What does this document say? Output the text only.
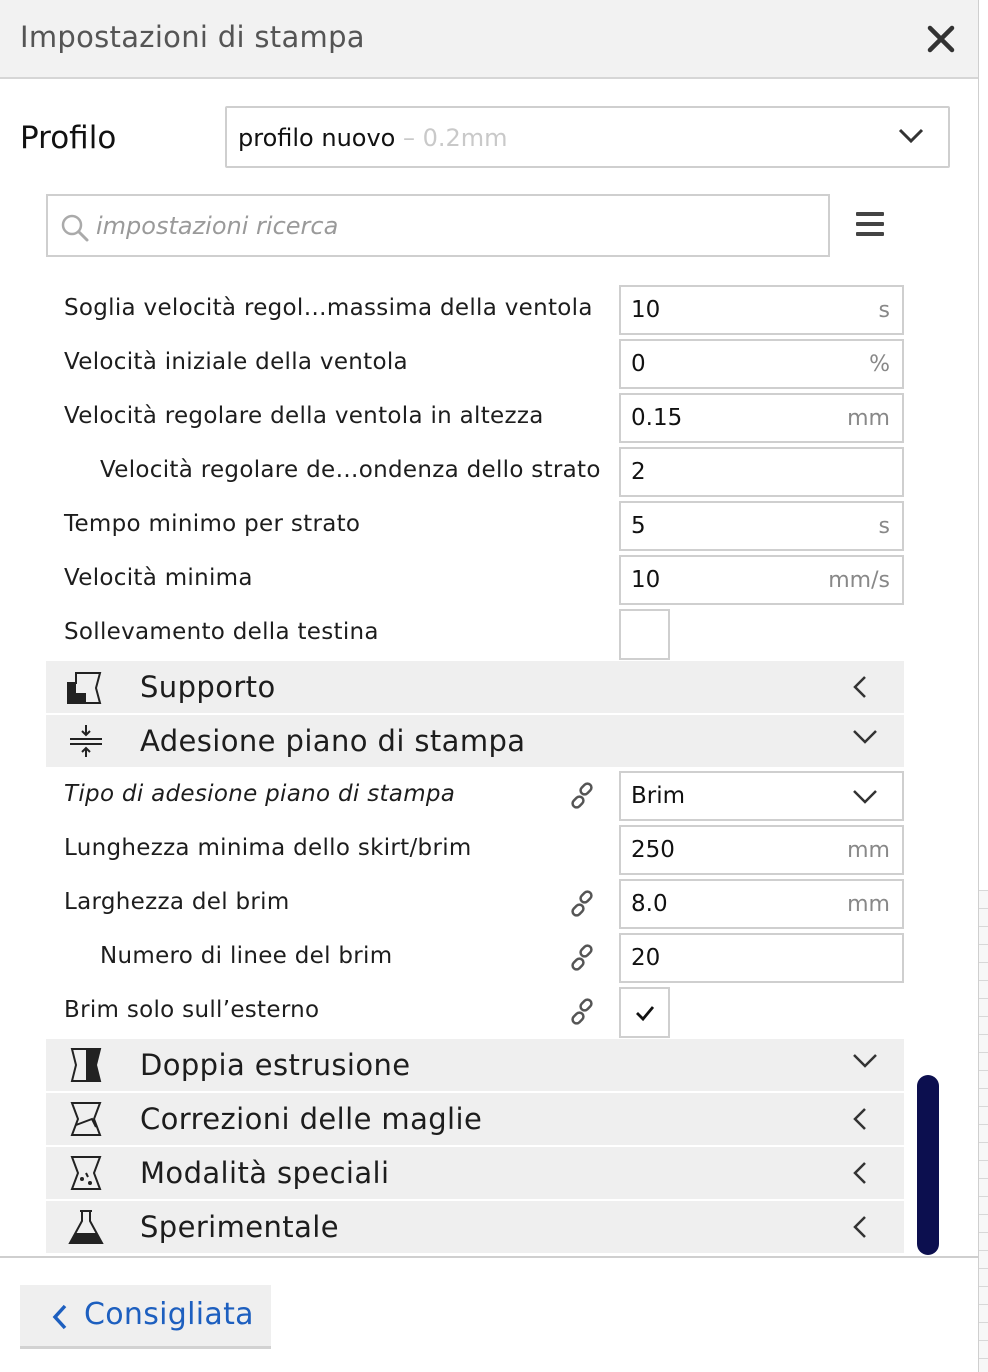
Impostazioni di stampa
Profilo	profilo nuovo – 0.2mm
impostazioni ricerca
Soglia velocità regol…massima della ventola 10	s
Velocità iniziale della ventola	0	%
Velocità regolare della ventola in altezza	0.15	mm
Velocità regolare de…ondenza dello strato 2
Tempo minimo per strato	5	s
Velocità minima	10	mm/s
Sollevamento della testina
Supporto
Adesione piano di stampa
Tipo di adesione piano di stampa	Brim
Lunghezza minima dello skirt/brim	250	mm
Larghezza del brim	8.0	mm
Numero di linee del brim	20
Brim solo sull’esterno
Doppia estrusione
Correzioni delle maglie
Modalità speciali
Sperimentale
Consigliata
